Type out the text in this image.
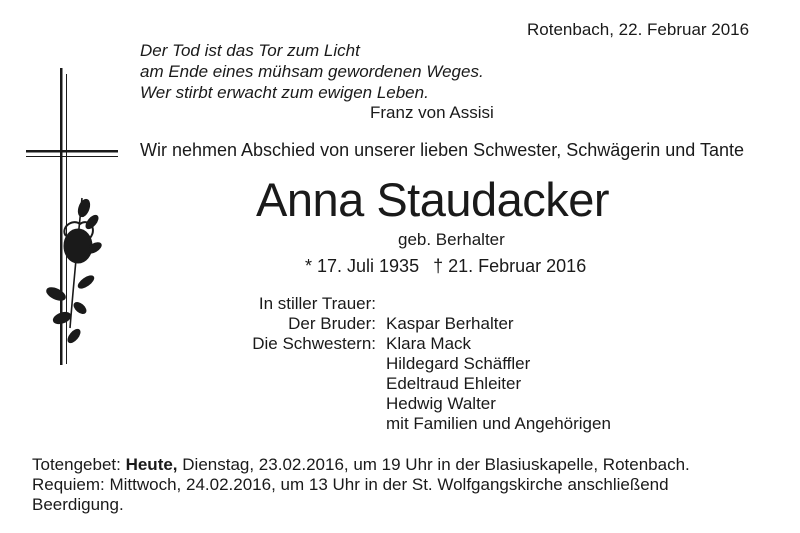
Rotenbach, 22. Februar 2016
Der Tod ist das Tor zum Licht
am Ende eines mühsam gewordenen Weges.
Wer stirbt erwacht zum ewigen Leben.
Franz von Assisi
Wir nehmen Abschied von unserer lieben Schwester, Schwägerin und Tante
Anna Staudacker
geb. Berhalter
* 17. Juli 1935 † 21. Februar 2016
In stiller Trauer:
Der Bruder:
Die Schwestern:
Kaspar Berhalter
Klara Mack
Hildegard Schäffler
Edeltraud Ehleiter
Hedwig Walter
mit Familien und Angehörigen
Totengebet: Heute, Dienstag, 23.02.2016, um 19 Uhr in der Blasiuskapelle, Rotenbach.
Requiem: Mittwoch, 24.02.2016, um 13 Uhr in der St. Wolfgangskirche anschließend
Beerdigung.
